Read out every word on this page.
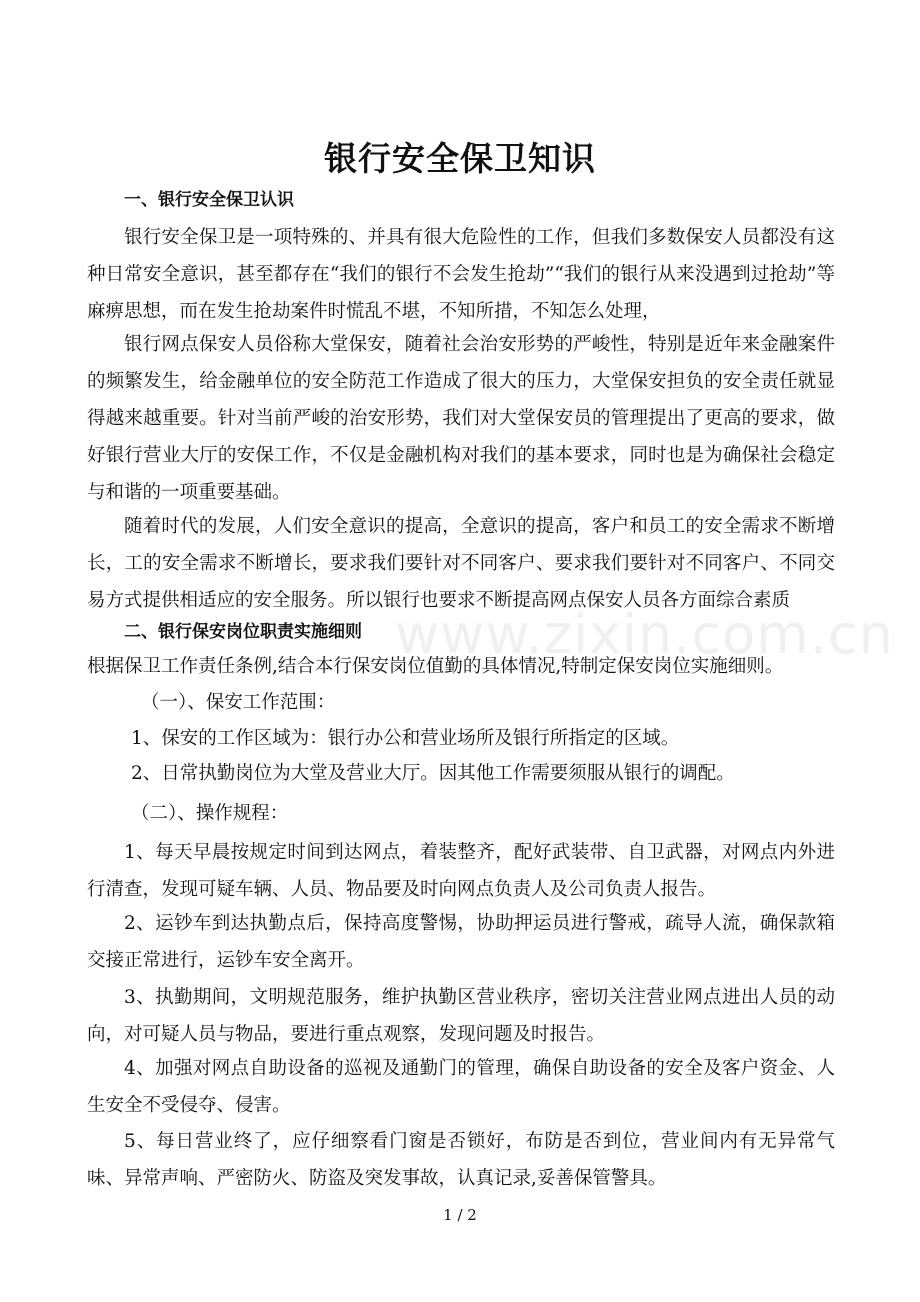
www.zixin.com.cn
银行安全保卫知识

一、银行安全保卫认识

银行安全保卫是一项特殊的、并具有很大危险性的工作，但我们多数保安人员都没有这种日常安全意识，甚至都存在“我们的银行不会发生抢劫”“我们的银行从来没遇到过抢劫”等麻痹思想，而在发生抢劫案件时慌乱不堪，不知所措，不知怎么处理，

银行网点保安人员俗称大堂保安，随着社会治安形势的严峻性，特别是近年来金融案件的频繁发生，给金融单位的安全防范工作造成了很大的压力，大堂保安担负的安全责任就显得越来越重要。针对当前严峻的治安形势，我们对大堂保安员的管理提出了更高的要求，做好银行营业大厅的安保工作，不仅是金融机构对我们的基本要求，同时也是为确保社会稳定与和谐的一项重要基础。

随着时代的发展，人们安全意识的提高，全意识的提高，客户和员工的安全需求不断增长，工的安全需求不断增长，要求我们要针对不同客户、要求我们要针对不同客户、不同交易方式提供相适应的安全服务。所以银行也要求不断提高网点保安人员各方面综合素质

二、银行保安岗位职责实施细则

根据保卫工作责任条例,结合本行保安岗位值勤的具体情况,特制定保安岗位实施细则。

（一）、保安工作范围：

1、保安的工作区域为：银行办公和营业场所及银行所指定的区域。

2、日常执勤岗位为大堂及营业大厅。因其他工作需要须服从银行的调配。

（二）、操作规程：

1、每天早晨按规定时间到达网点，着装整齐，配好武装带、自卫武器，对网点内外进行清查，发现可疑车辆、人员、物品要及时向网点负责人及公司负责人报告。

2、运钞车到达执勤点后，保持高度警惕，协助押运员进行警戒，疏导人流，确保款箱交接正常进行，运钞车安全离开。

3、执勤期间，文明规范服务，维护执勤区营业秩序，密切关注营业网点进出人员的动向，对可疑人员与物品，要进行重点观察，发现问题及时报告。

4、加强对网点自助设备的巡视及通勤门的管理，确保自助设备的安全及客户资金、人生安全不受侵夺、侵害。

5、每日营业终了，应仔细察看门窗是否锁好，布防是否到位，营业间内有无异常气味、异常声响、严密防火、防盗及突发事故，认真记录,妥善保管警具。

1 / 2
